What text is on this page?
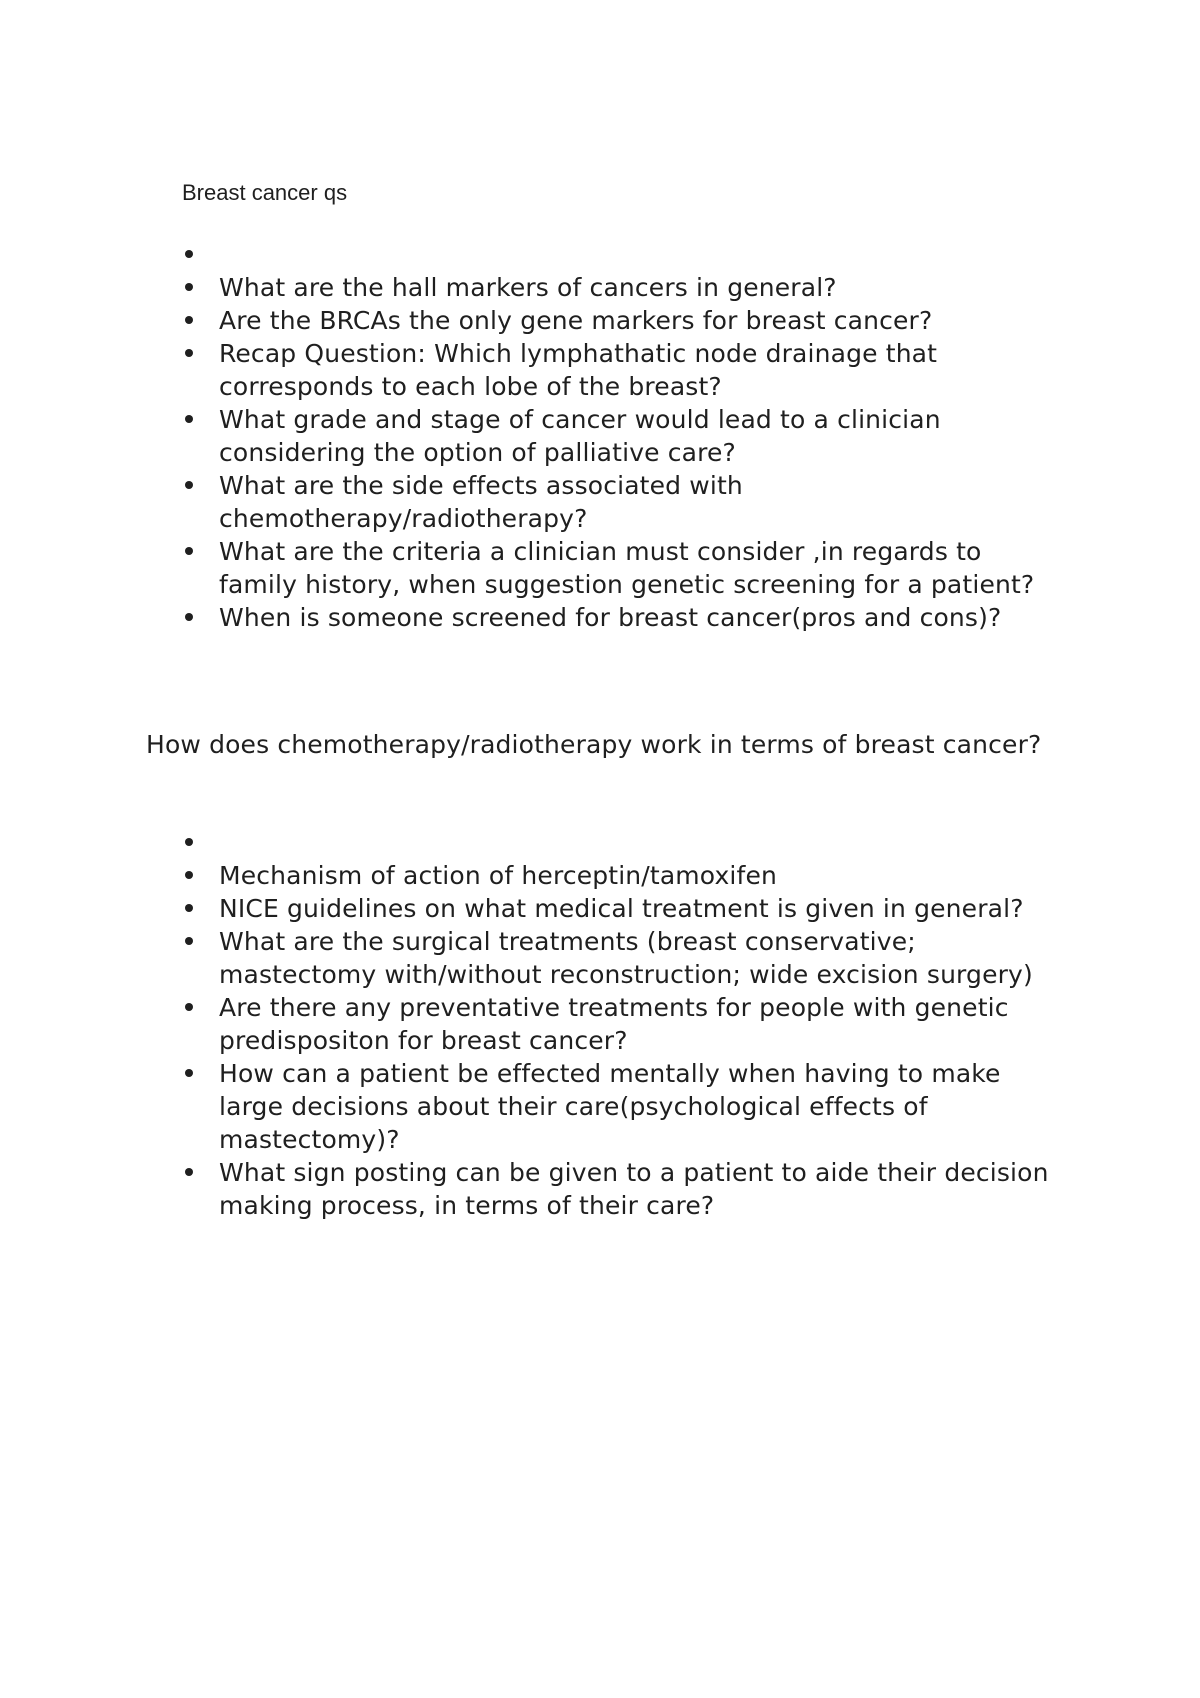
Breast cancer qs
What are the hall markers of cancers in general?
Are the BRCAs the only gene markers for breast cancer?
Recap Question: Which lymphathatic node drainage that corresponds to each lobe of the breast?
What grade and stage of cancer would lead to a clinician considering the option of palliative care?
What are the side effects associated with chemotherapy/radiotherapy?
What are the criteria a clinician must consider ,in regards to family history, when suggestion genetic screening for a patient?
When is someone screened for breast cancer(pros and cons)?

How does chemotherapy/radiotherapy work in terms of breast cancer?

Mechanism of action of herceptin/tamoxifen
NICE guidelines on what medical treatment is given in general?
What are the surgical treatments (breast conservative; mastectomy with/without reconstruction; wide excision surgery)
Are there any preventative treatments for people with genetic predispositon for breast cancer?
How can a patient be effected mentally when having to make large decisions about their care(psychological effects of mastectomy)?
What sign posting can be given to a patient to aide their decision making process, in terms of their care?
